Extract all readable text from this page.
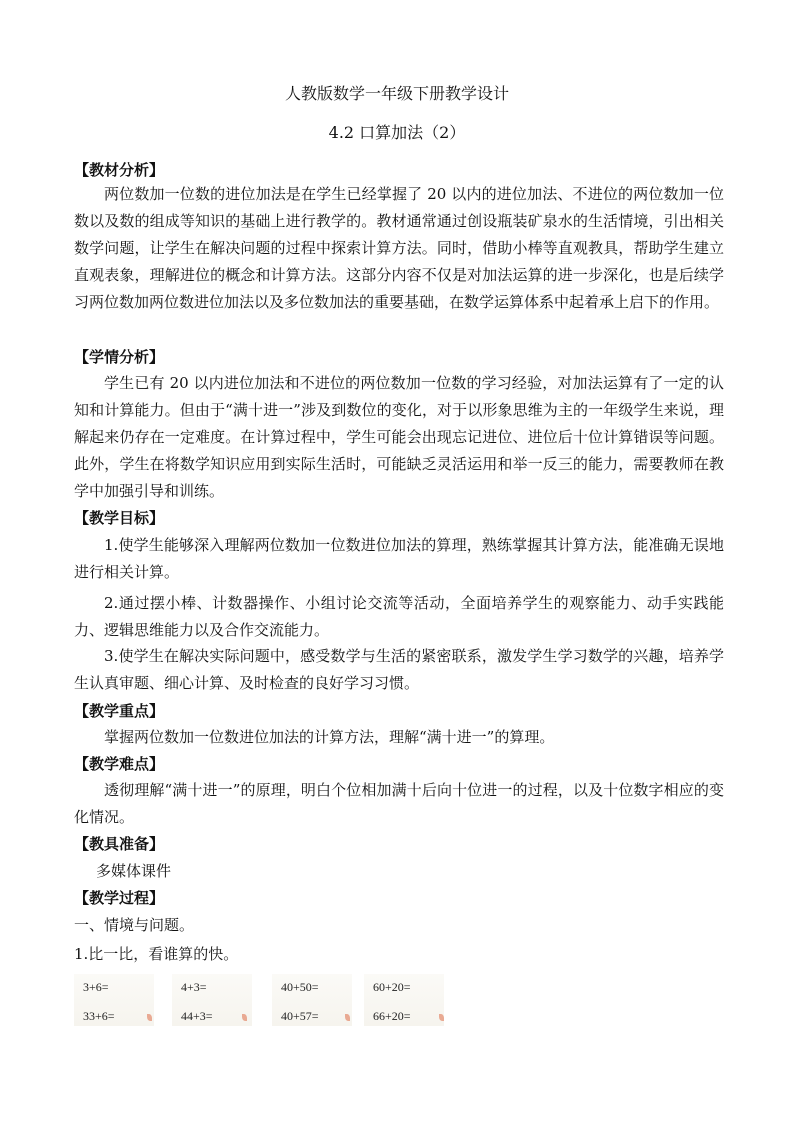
人教版数学一年级下册教学设计
4.2 口算加法（2）
【教材分析】

两位数加一位数的进位加法是在学生已经掌握了 20 以内的进位加法、不进位的两位数加一位数以及数的组成等知识的基础上进行教学的。教材通常通过创设瓶装矿泉水的生活情境，引出相关数学问题，让学生在解决问题的过程中探索计算方法。同时，借助小棒等直观教具，帮助学生建立直观表象，理解进位的概念和计算方法。这部分内容不仅是对加法运算的进一步深化，也是后续学习两位数加两位数进位加法以及多位数加法的重要基础，在数学运算体系中起着承上启下的作用。

【学情分析】

学生已有 20 以内进位加法和不进位的两位数加一位数的学习经验，对加法运算有了一定的认知和计算能力。但由于“满十进一”涉及到数位的变化，对于以形象思维为主的一年级学生来说，理解起来仍存在一定难度。在计算过程中，学生可能会出现忘记进位、进位后十位计算错误等问题。此外，学生在将数学知识应用到实际生活时，可能缺乏灵活运用和举一反三的能力，需要教师在教学中加强引导和训练。

【教学目标】

1.使学生能够深入理解两位数加一位数进位加法的算理，熟练掌握其计算方法，能准确无误地进行相关计算。

2.通过摆小棒、计数器操作、小组讨论交流等活动，全面培养学生的观察能力、动手实践能力、逻辑思维能力以及合作交流能力。

3.使学生在解决实际问题中，感受数学与生活的紧密联系，激发学生学习数学的兴趣，培养学生认真审题、细心计算、及时检查的良好学习习惯。

【教学重点】

掌握两位数加一位数进位加法的计算方法，理解“满十进一”的算理。

【教学难点】

透彻理解“满十进一”的原理，明白个位相加满十后向十位进一的过程，以及十位数字相应的变化情况。

【教具准备】
多媒体课件
【教学过程】
一、情境与问题。
1.比一比，看谁算的快。
3+6=
33+6=
4+3=
44+3=
40+50=
40+57=
60+20=
66+20=
